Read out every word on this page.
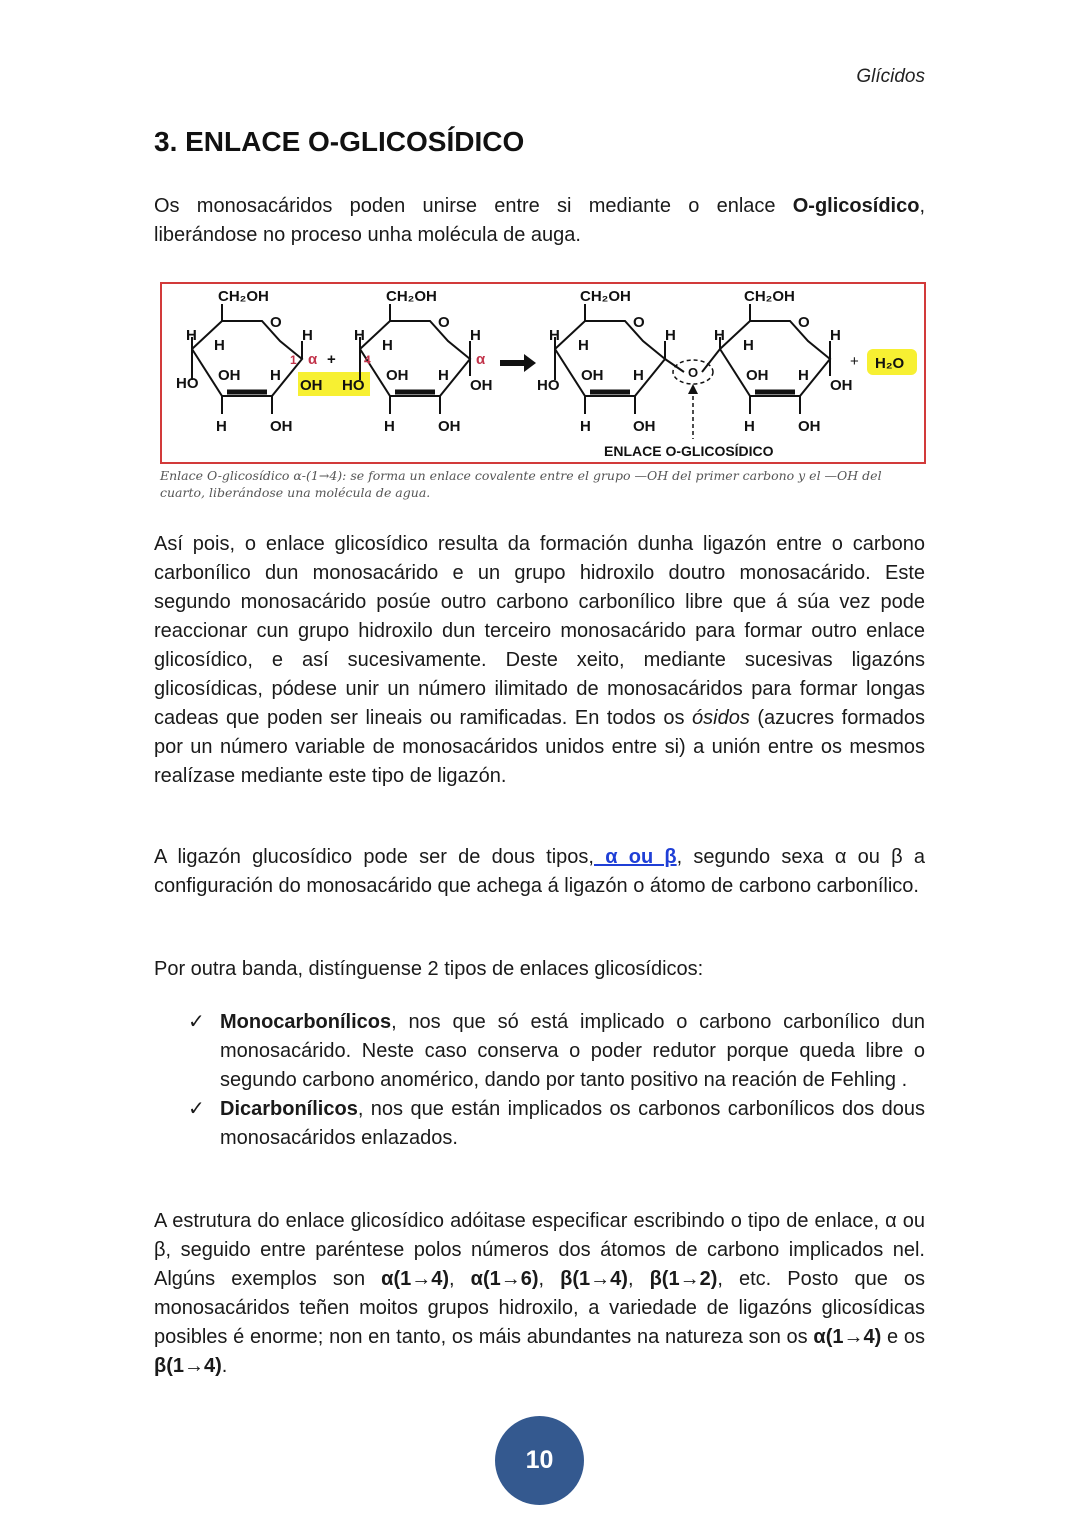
Glícidos
3. ENLACE O-GLICOSÍDICO

Os monosacáridos poden unirse entre si mediante o enlace O-glicosídico, liberándose no proceso unha molécula de auga.

CH₂OH
O
H
H
H
HO OH H
OH
H	OH
1 α +
CH₂OH
O
H
H
H
HO
OH H
OH
H	OH
4	α
CH₂OH
O
H
H
H
HO
OH H
H	OH
O
CH₂OH
O
H
H
H
OH H
OH
H	OH
+ H₂O
ENLACE O-GLICOSÍDICO
Enlace O-glicosídico α-(1→4): se forma un enlace covalente entre el grupo —OH del primer carbono y el —OH del cuarto, liberándose una molécula de agua.

Así pois, o enlace glicosídico resulta da formación dunha ligazón entre o carbono carbonílico dun monosacárido e un grupo hidroxilo doutro monosacárido. Este segundo monosacárido posúe outro carbono carbonílico libre que á súa vez pode reaccionar cun grupo hidroxilo dun terceiro monosacárido para formar outro enlace glicosídico, e así sucesivamente. Deste xeito, mediante sucesivas ligazóns glicosídicas, pódese unir un número ilimitado de monosacáridos para formar longas cadeas que poden ser lineais ou ramificadas. En todos os ósidos (azucres formados por un número variable de monosacáridos unidos entre si) a unión entre os mesmos realízase mediante este tipo de ligazón.

A ligazón glucosídico pode ser de dous tipos, α ou β, segundo sexa α ou β a configuración do monosacárido que achega á ligazón o átomo de carbono carbonílico.

Por outra banda, distínguense 2 tipos de enlaces glicosídicos:

✓ Monocarbonílicos, nos que só está implicado o carbono carbonílico dun monosacárido. Neste caso conserva o poder redutor porque queda libre o segundo carbono anomérico, dando por tanto positivo na reación de Fehling .
✓ Dicarbonílicos, nos que están implicados os carbonos carbonílicos dos dous monosacáridos enlazados.

A estrutura do enlace glicosídico adóitase especificar escribindo o tipo de enlace, α ou β, seguido entre paréntese polos números dos átomos de carbono implicados nel. Algúns exemplos son α(1→4), α(1→6), β(1→4), β(1→2), etc. Posto que os monosacáridos teñen moitos grupos hidroxilo, a variedade de ligazóns glicosídicas posibles é enorme; non en tanto, os máis abundantes na natureza son os α(1→4) e os β(1→4).

10
